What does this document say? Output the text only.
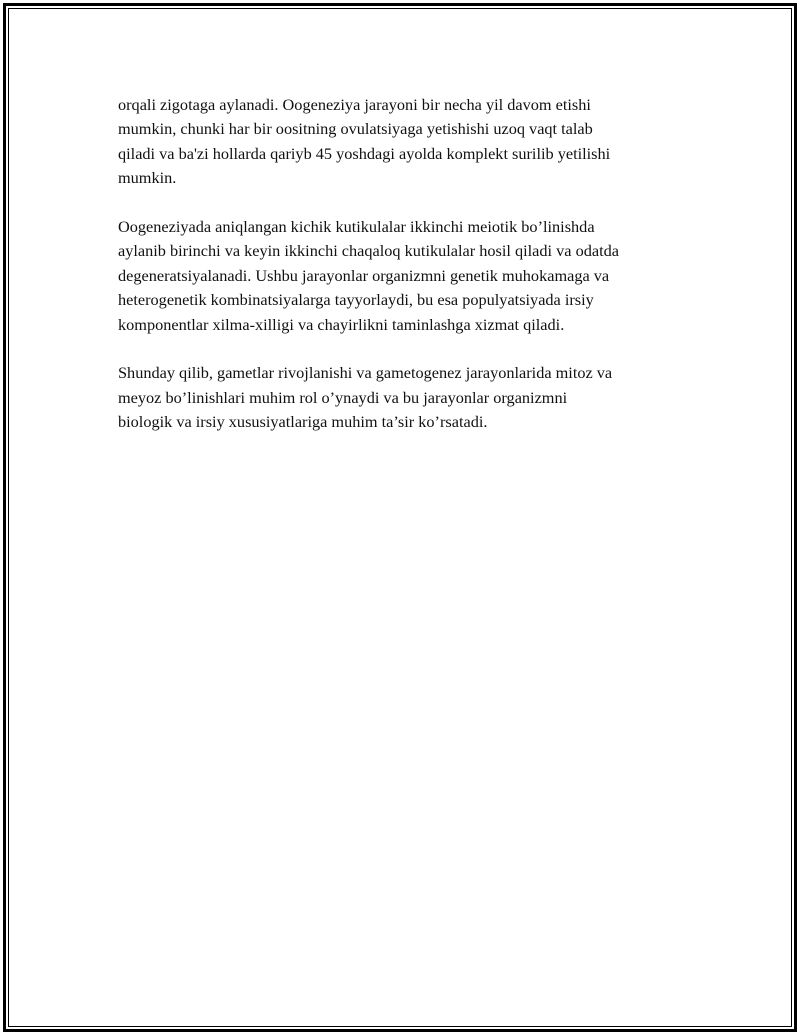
orqali zigotaga aylanadi. Oogeneziya jarayoni bir necha yil davom etishi
mumkin, chunki har bir oositning ovulatsiyaga yetishishi uzoq vaqt talab
qiladi va ba'zi hollarda qariyb 45 yoshdagi ayolda komplekt surilib yetilishi
mumkin.

Oogeneziyada aniqlangan kichik kutikulalar ikkinchi meiotik bo’linishda
aylanib birinchi va keyin ikkinchi chaqaloq kutikulalar hosil qiladi va odatda
degeneratsiyalanadi. Ushbu jarayonlar organizmni genetik muhokamaga va
heterogenetik kombinatsiyalarga tayyorlaydi, bu esa populyatsiyada irsiy
komponentlar xilma-xilligi va chayirlikni taminlashga xizmat qiladi.

Shunday qilib, gametlar rivojlanishi va gametogenez jarayonlarida mitoz va
meyoz bo’linishlari muhim rol o’ynaydi va bu jarayonlar organizmni
biologik va irsiy xususiyatlariga muhim ta’sir ko’rsatadi.
